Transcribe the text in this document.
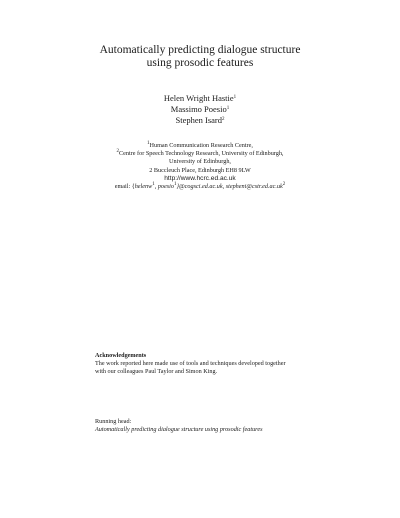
Automatically predicting dialogue structure
using prosodic features
Helen Wright Hastie$^1$
Massimo Poesio$^1$
Stephen Isard$^2$
$^1$Human Communication Research Centre,
$^2$Centre for Speech Technology Research, University of Edinburgh,
University of Edinburgh,
2 Buccleuch Place, Edinburgh EH8 9LW
http://www.hcrc.ed.ac.uk
email: {helenw$^1$, poesio$^1$}@cogsci.ed.ac.uk, $stepheni@cstr.ed.ac.uk^2$
Acknowledgements
The work reported here made use of tools and techniques developed together
with our colleagues Paul Taylor and Simon King.
Running head:
Automatically predicting dialogue structure using prosodic features
